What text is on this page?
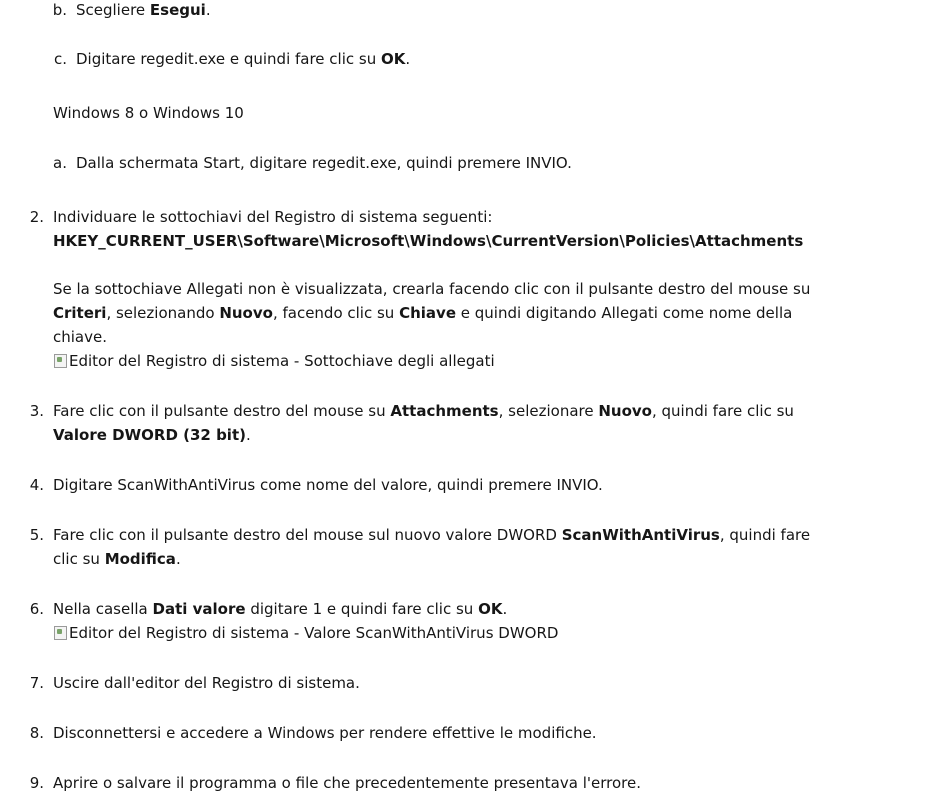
b. Scegliere Esegui.
c. Digitare regedit.exe e quindi fare clic su OK.
Windows 8 o Windows 10
a. Dalla schermata Start, digitare regedit.exe, quindi premere INVIO.
2. Individuare le sottochiavi del Registro di sistema seguenti:
HKEY_CURRENT_USER\Software\Microsoft\Windows\CurrentVersion\Policies\Attachments
Se la sottochiave Allegati non è visualizzata, crearla facendo clic con il pulsante destro del mouse su
Criteri, selezionando Nuovo, facendo clic su Chiave e quindi digitando Allegati come nome della
chiave.
Editor del Registro di sistema - Sottochiave degli allegati
3. Fare clic con il pulsante destro del mouse su Attachments, selezionare Nuovo, quindi fare clic su
Valore DWORD (32 bit).
4. Digitare ScanWithAntiVirus come nome del valore, quindi premere INVIO.
5. Fare clic con il pulsante destro del mouse sul nuovo valore DWORD ScanWithAntiVirus, quindi fare
clic su Modifica.
6. Nella casella Dati valore digitare 1 e quindi fare clic su OK.
Editor del Registro di sistema - Valore ScanWithAntiVirus DWORD
7. Uscire dall'editor del Registro di sistema.
8. Disconnettersi e accedere a Windows per rendere effettive le modifiche.
9. Aprire o salvare il programma o file che precedentemente presentava l'errore.
